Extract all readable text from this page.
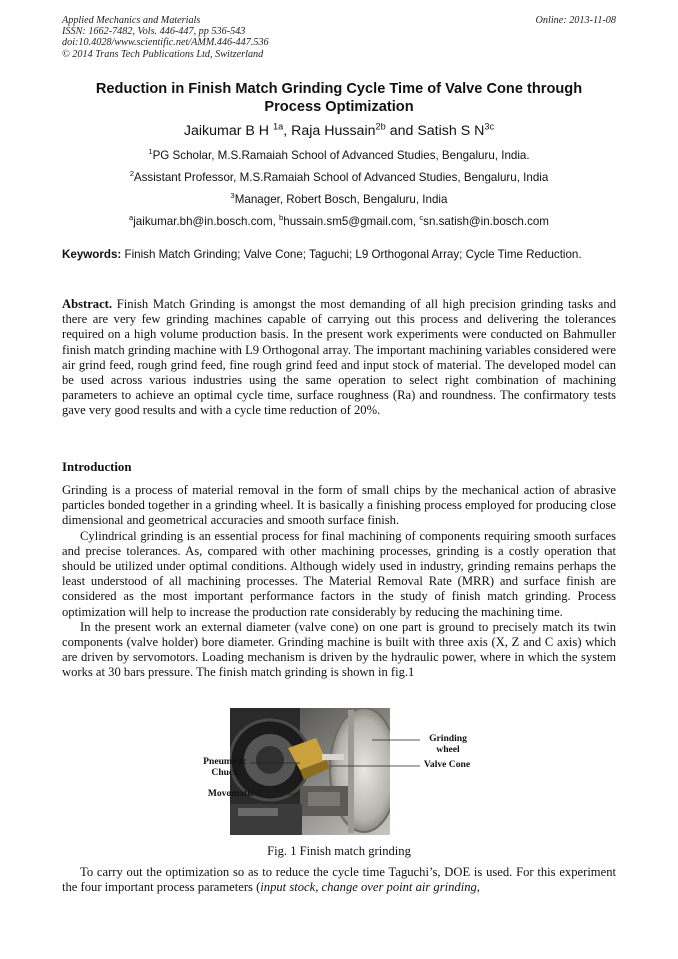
Applied Mechanics and Materials
ISSN: 1662-7482, Vols. 446-447, pp 536-543
doi:10.4028/www.scientific.net/AMM.446-447.536
© 2014 Trans Tech Publications Ltd, Switzerland
Online: 2013-11-08
Reduction in Finish Match Grinding Cycle Time of Valve Cone through
Process Optimization
Jaikumar B H $^{1a}$, Raja Hussain$^{2b}$ and Satish S $N^{3c}$
$^1$PG Scholar, M.S.Ramaiah School of Advanced Studies, Bengaluru, India.
$^2$Assistant Professor, M.S.Ramaiah School of Advanced Studies, Bengaluru, India
$^3$Manager, Robert Bosch, Bengaluru, India
$^a$jaikumar.bh@in.bosch.com, $^b$hussain.sm5@gmail.com, $^c$sn.satish@in.bosch.com
Keywords: Finish Match Grinding; Valve Cone; Taguchi; L9 Orthogonal Array; Cycle Time Reduction.
Abstract. Finish Match Grinding is amongst the most demanding of all high precision grinding tasks and there are very few grinding machines capable of carrying out this process and delivering the tolerances required on a high volume production basis. In the present work experiments were conducted on Bahmuller finish match grinding machine with L9 Orthogonal array. The important machining variables considered were air grind feed, rough grind feed, fine rough grind feed and input stock of material. The developed model can be used across various industries using the same operation to select right combination of machining parameters to achieve an optimal cycle time, surface roughness (Ra) and roundness. The confirmatory tests gave very good results and with a cycle time reduction of 20%.
Introduction

Grinding is a process of material removal in the form of small chips by the mechanical action of abrasive particles bonded together in a grinding wheel. It is basically a finishing process employed for producing close dimensional and geometrical accuracies and smooth surface finish.

Cylindrical grinding is an essential process for final machining of components requiring smooth surfaces and precise tolerances. As, compared with other machining processes, grinding is a costly operation that should be utilized under optimal conditions. Although widely used in industry, grinding remains perhaps the least understood of all machining processes. The Material Removal Rate (MRR) and surface finish are considered as the most important performance factors in the study of finish match grinding. Process optimization will help to increase the production rate considerably by reducing the machining time.

In the present work an external diameter (valve cone) on one part is ground to precisely match its twin components (valve holder) bore diameter. Grinding machine is built with three axis (X, Z and C axis) which are driven by servomotors. Loading mechanism is driven by the hydraulic power, where in which the system works at 30 bars pressure. The finish match grinding is shown in fig.1

Pneumatic Chuck
Movomatic
Grinding wheel
Valve Cone
Fig. 1 Finish match grinding

To carry out the optimization so as to reduce the cycle time Taguchi’s, DOE is used. For this experiment the four important process parameters (input stock, change over point air grinding,
